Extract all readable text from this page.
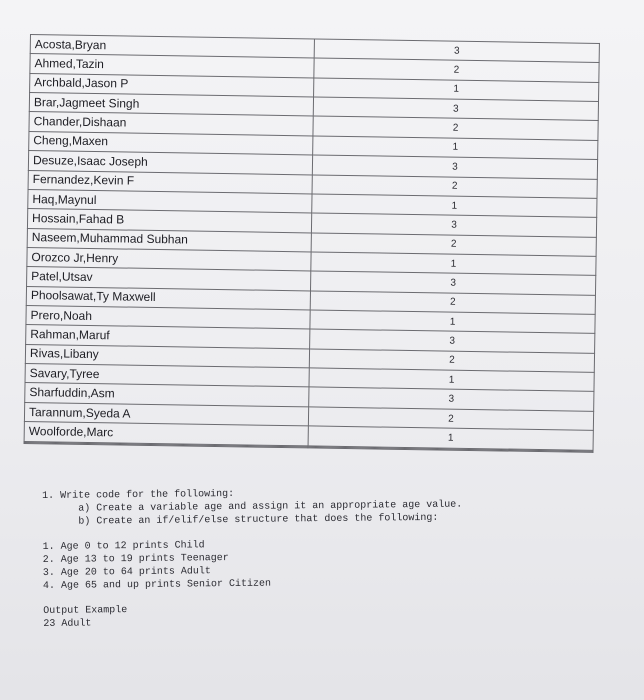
Acosta,Bryan	3
Ahmed,Tazin	2
Archbald,Jason P	1
Brar,Jagmeet Singh	3
Chander,Dishaan	2
Cheng,Maxen	1
Desuze,Isaac Joseph	3
Fernandez,Kevin F	2
Haq,Maynul	1
Hossain,Fahad B	3
Naseem,Muhammad Subhan	2
Orozco Jr,Henry	1
Patel,Utsav	3
Phoolsawat,Ty Maxwell	2
Prero,Noah	1
Rahman,Maruf	3
Rivas,Libany	2
Savary,Tyree	1
Sharfuddin,Asm	3
Tarannum,Syeda A	2
Woolforde,Marc	1

1. Write code for the following:

a) Create a variable age and assign it an appropriate age value.

b) Create an if/elif/else structure that does the following:

1. Age 0 to 12 prints Child
2. Age 13 to 19 prints Teenager
3. Age 20 to 64 prints Adult
4. Age 65 and up prints Senior Citizen

Output Example

23 Adult
